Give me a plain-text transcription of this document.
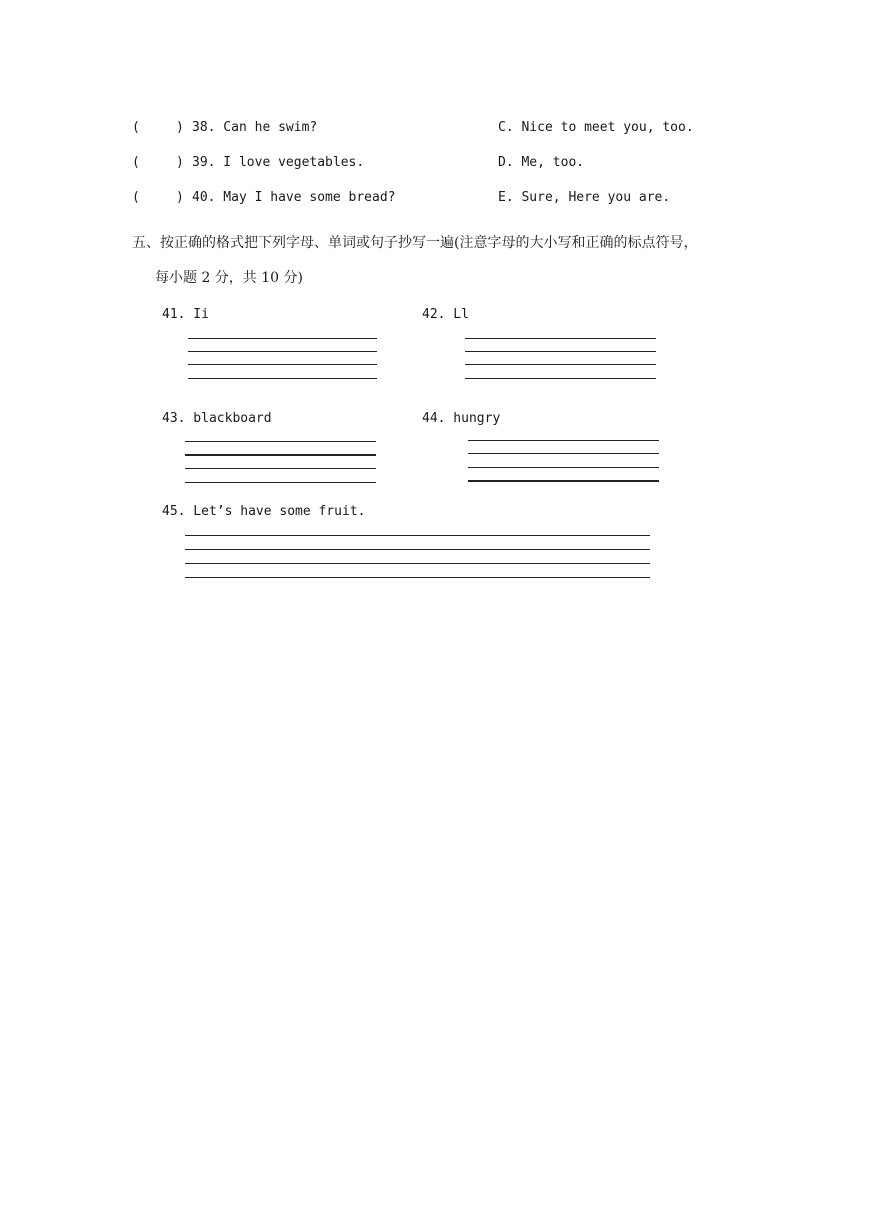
(	) 38. Can he swim?	C. Nice to meet you, too.
(	) 39. I love vegetables.	D. Me, too.
(	) 40. May I have some bread?	E. Sure, Here you are.
五、按正确的格式把下列字母、单词或句子抄写一遍(注意字母的大小写和正确的标点符号，
每小题 2 分，共 10 分)
41. Ii	42. Ll
43. blackboard	44. hungry
45. Let’s have some fruit.
